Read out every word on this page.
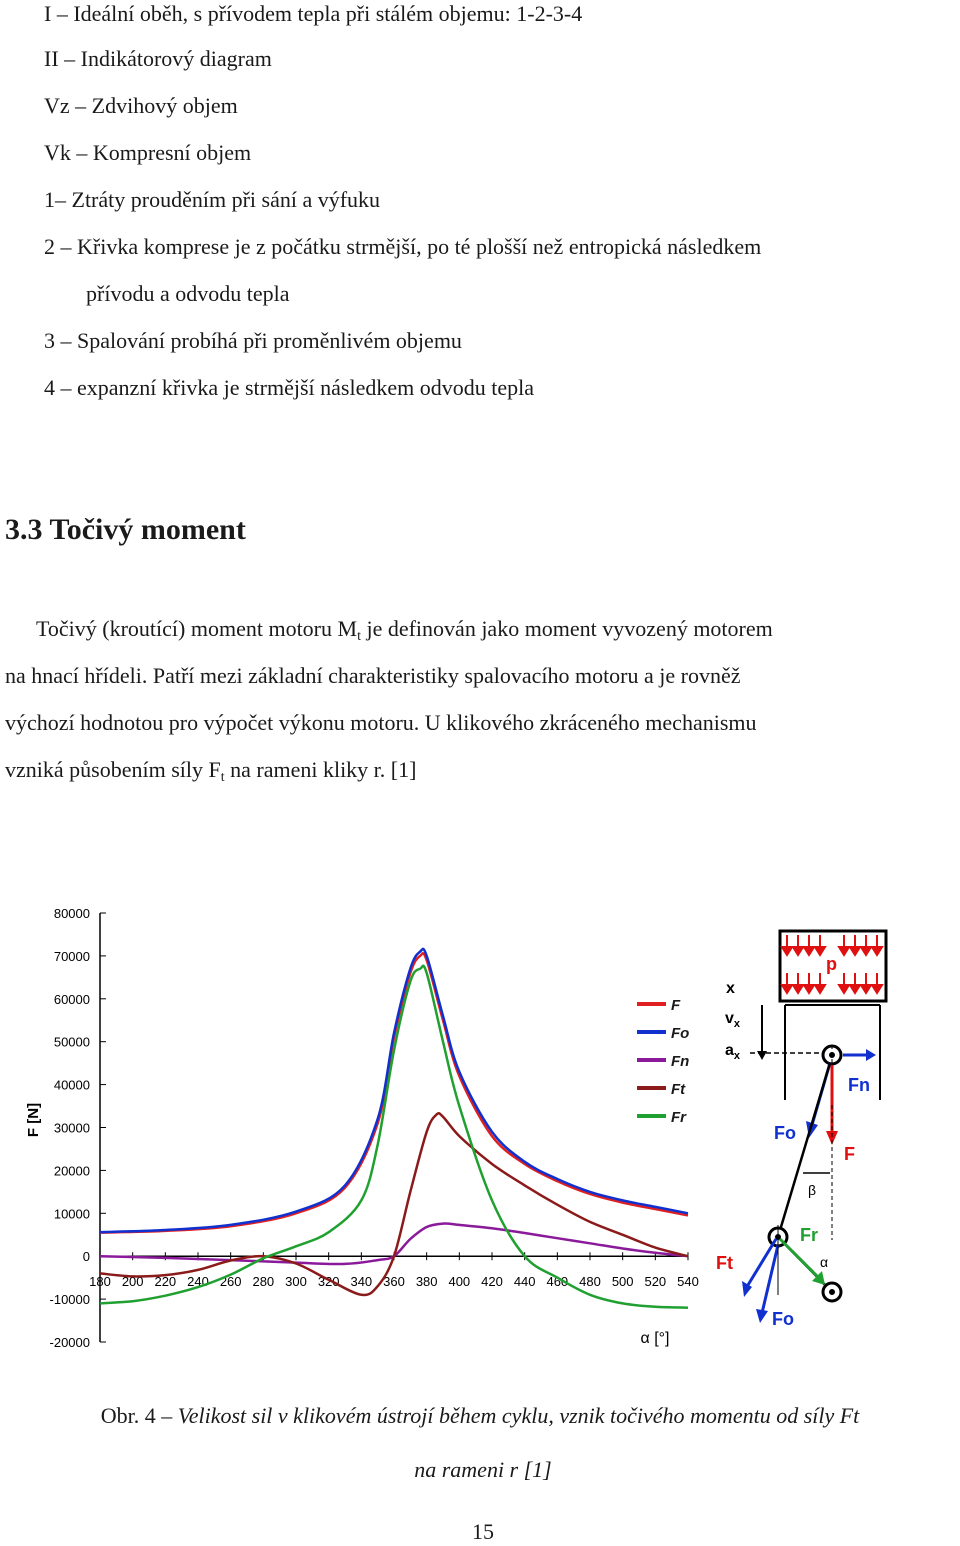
I – Ideální oběh, s přívodem tepla při stálém objemu: 1-2-3-4
II – Indikátorový diagram
Vz – Zdvihový objem
Vk – Kompresní objem
1– Ztráty prouděním při sání a výfuku
2 – Křivka komprese je z počátku strmější, po té plošší než entropická následkem
přívodu a odvodu tepla
3 – Spalování probíhá při proměnlivém objemu
4 – expanzní křivka je strmější následkem odvodu tepla
3.3 Točivý moment
Točivý (kroutící) moment motoru $M_t$ je definován jako moment vyvozený motorem
na hnací hřídeli. Patří mezi základní charakteristiky spalovacího motoru a je rovněž
výchozí hodnotou pro výpočet výkonu motoru. U klikového zkráceného mechanismu
vzniká působením síly $F_t$ na rameni kliky r. [1]
F [N]
α [°]
-20000
-10000
0
10000
20000
30000
40000
50000
60000
70000
80000
180 200 220 240 260 280 300 320 340 360 380 400 420 440 460 480 500 520 540
F
Fo
Fn
Ft
Fr
p
x
$v_x$
$a_x$
Fn
Fo
F
β
Fr
α
Ft
Fo
Obr. 4 – Velikost sil v klikovém ústrojí během cyklu, vznik točivého momentu od síly Ft
na rameni r [1]
15
